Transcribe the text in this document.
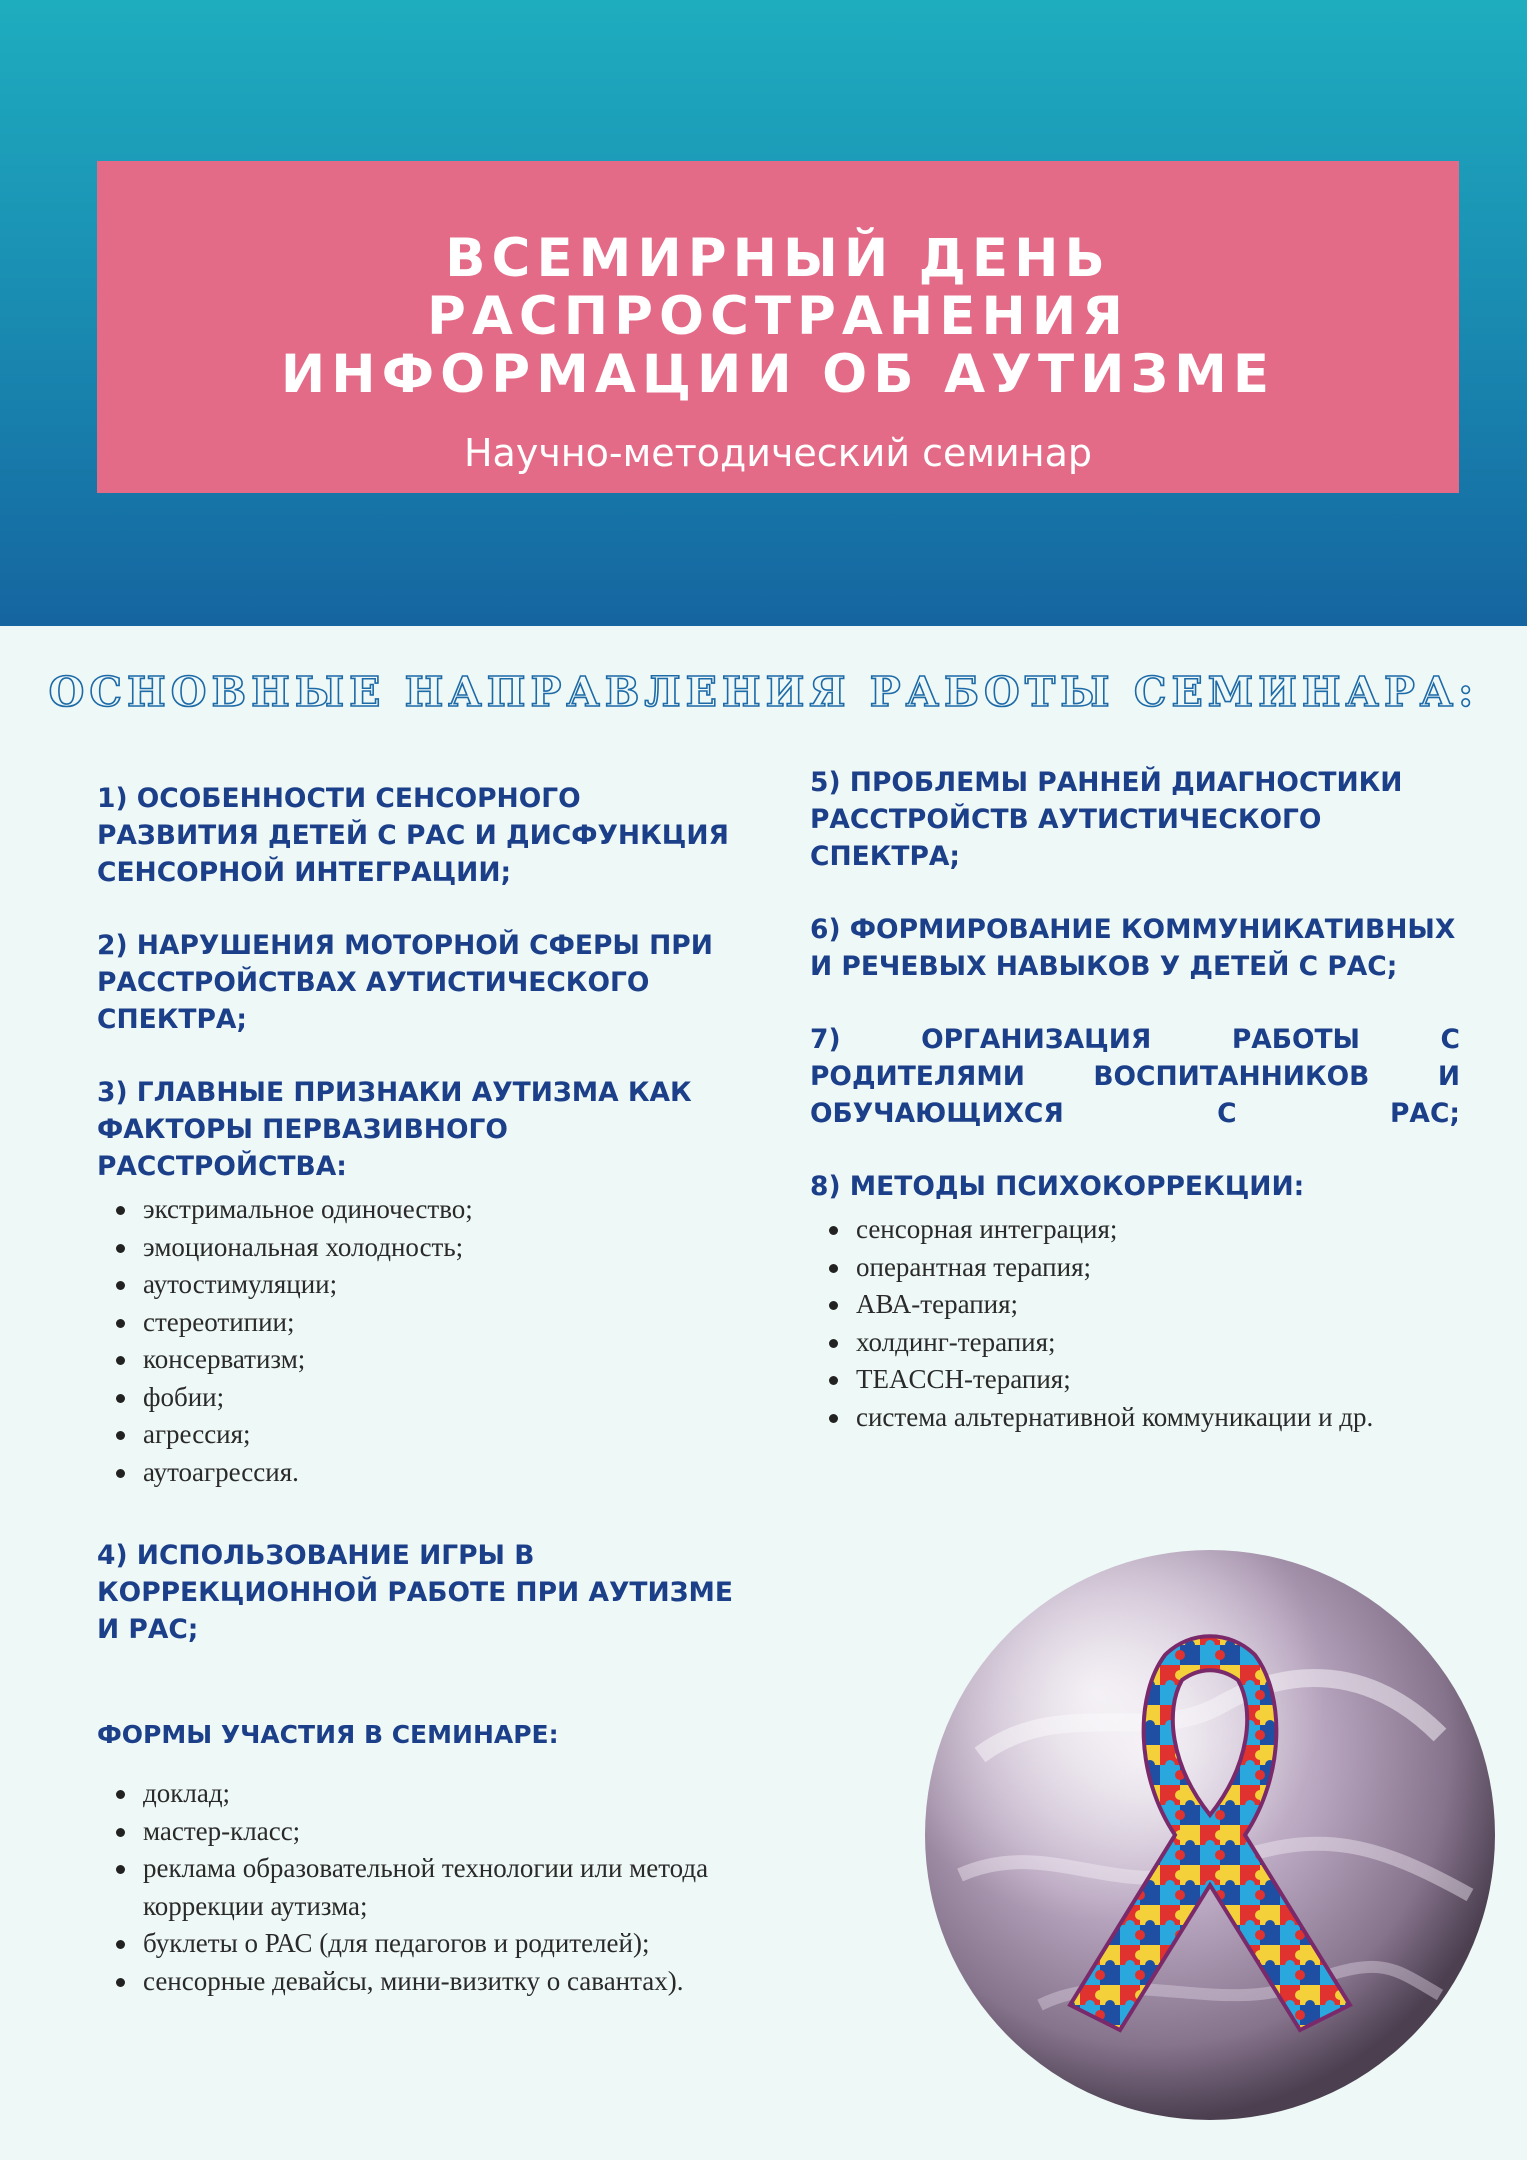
ВСЕМИРНЫЙ ДЕНЬ РАСПРОСТРАНЕНИЯ

ИНФОРМАЦИИ ОБ АУТИЗМЕ

Научно-методический семинар
ОСНОВНЫЕ НАПРАВЛЕНИЯ РАБОТЫ СЕМИНАРА:

1) ОСОБЕННОСТИ СЕНСОРНОГО РАЗВИТИЯ ДЕТЕЙ С РАС И ДИСФУНКЦИЯ СЕНСОРНОЙ ИНТЕГРАЦИИ;

2) НАРУШЕНИЯ МОТОРНОЙ СФЕРЫ ПРИ РАССТРОЙСТВАХ АУТИСТИЧЕСКОГО СПЕКТРА;

3) ГЛАВНЫЕ ПРИЗНАКИ АУТИЗМА КАК ФАКТОРЫ ПЕРВАЗИВНОГО РАССТРОЙСТВА:

экстримальное одиночество;
эмоциональная холодность;
аутостимуляции;
стереотипии;
консерватизм;
фобии;
агрессия;
аутоагрессия.

4) ИСПОЛЬЗОВАНИЕ ИГРЫ В КОРРЕКЦИОННОЙ РАБОТЕ ПРИ АУТИЗМЕ И РАС;

5) ПРОБЛЕМЫ РАННЕЙ ДИАГНОСТИКИ РАССТРОЙСТВ АУТИСТИЧЕСКОГО СПЕКТРА;

6) ФОРМИРОВАНИЕ КОММУНИКАТИВНЫХ И РЕЧЕВЫХ НАВЫКОВ У ДЕТЕЙ С РАС;

7) ОРГАНИЗАЦИЯ РАБОТЫ С РОДИТЕЛЯМИ ВОСПИТАННИКОВ И ОБУЧАЮЩИХСЯ С РАС;

8) МЕТОДЫ ПСИХОКОРРЕКЦИИ:

сенсорная интеграция;
оперантная терапия;
АВА-терапия;
холдинг-терапия;
TEACCH-терапия;
система альтернативной коммуникации и др.

ФОРМЫ УЧАСТИЯ В СЕМИНАРЕ:

доклад;
мастер-класс;
реклама образовательной технологии или метода коррекции аутизма;
буклеты о РАС (для педагогов и родителей);
сенсорные девайсы, мини-визитку о савантах).
